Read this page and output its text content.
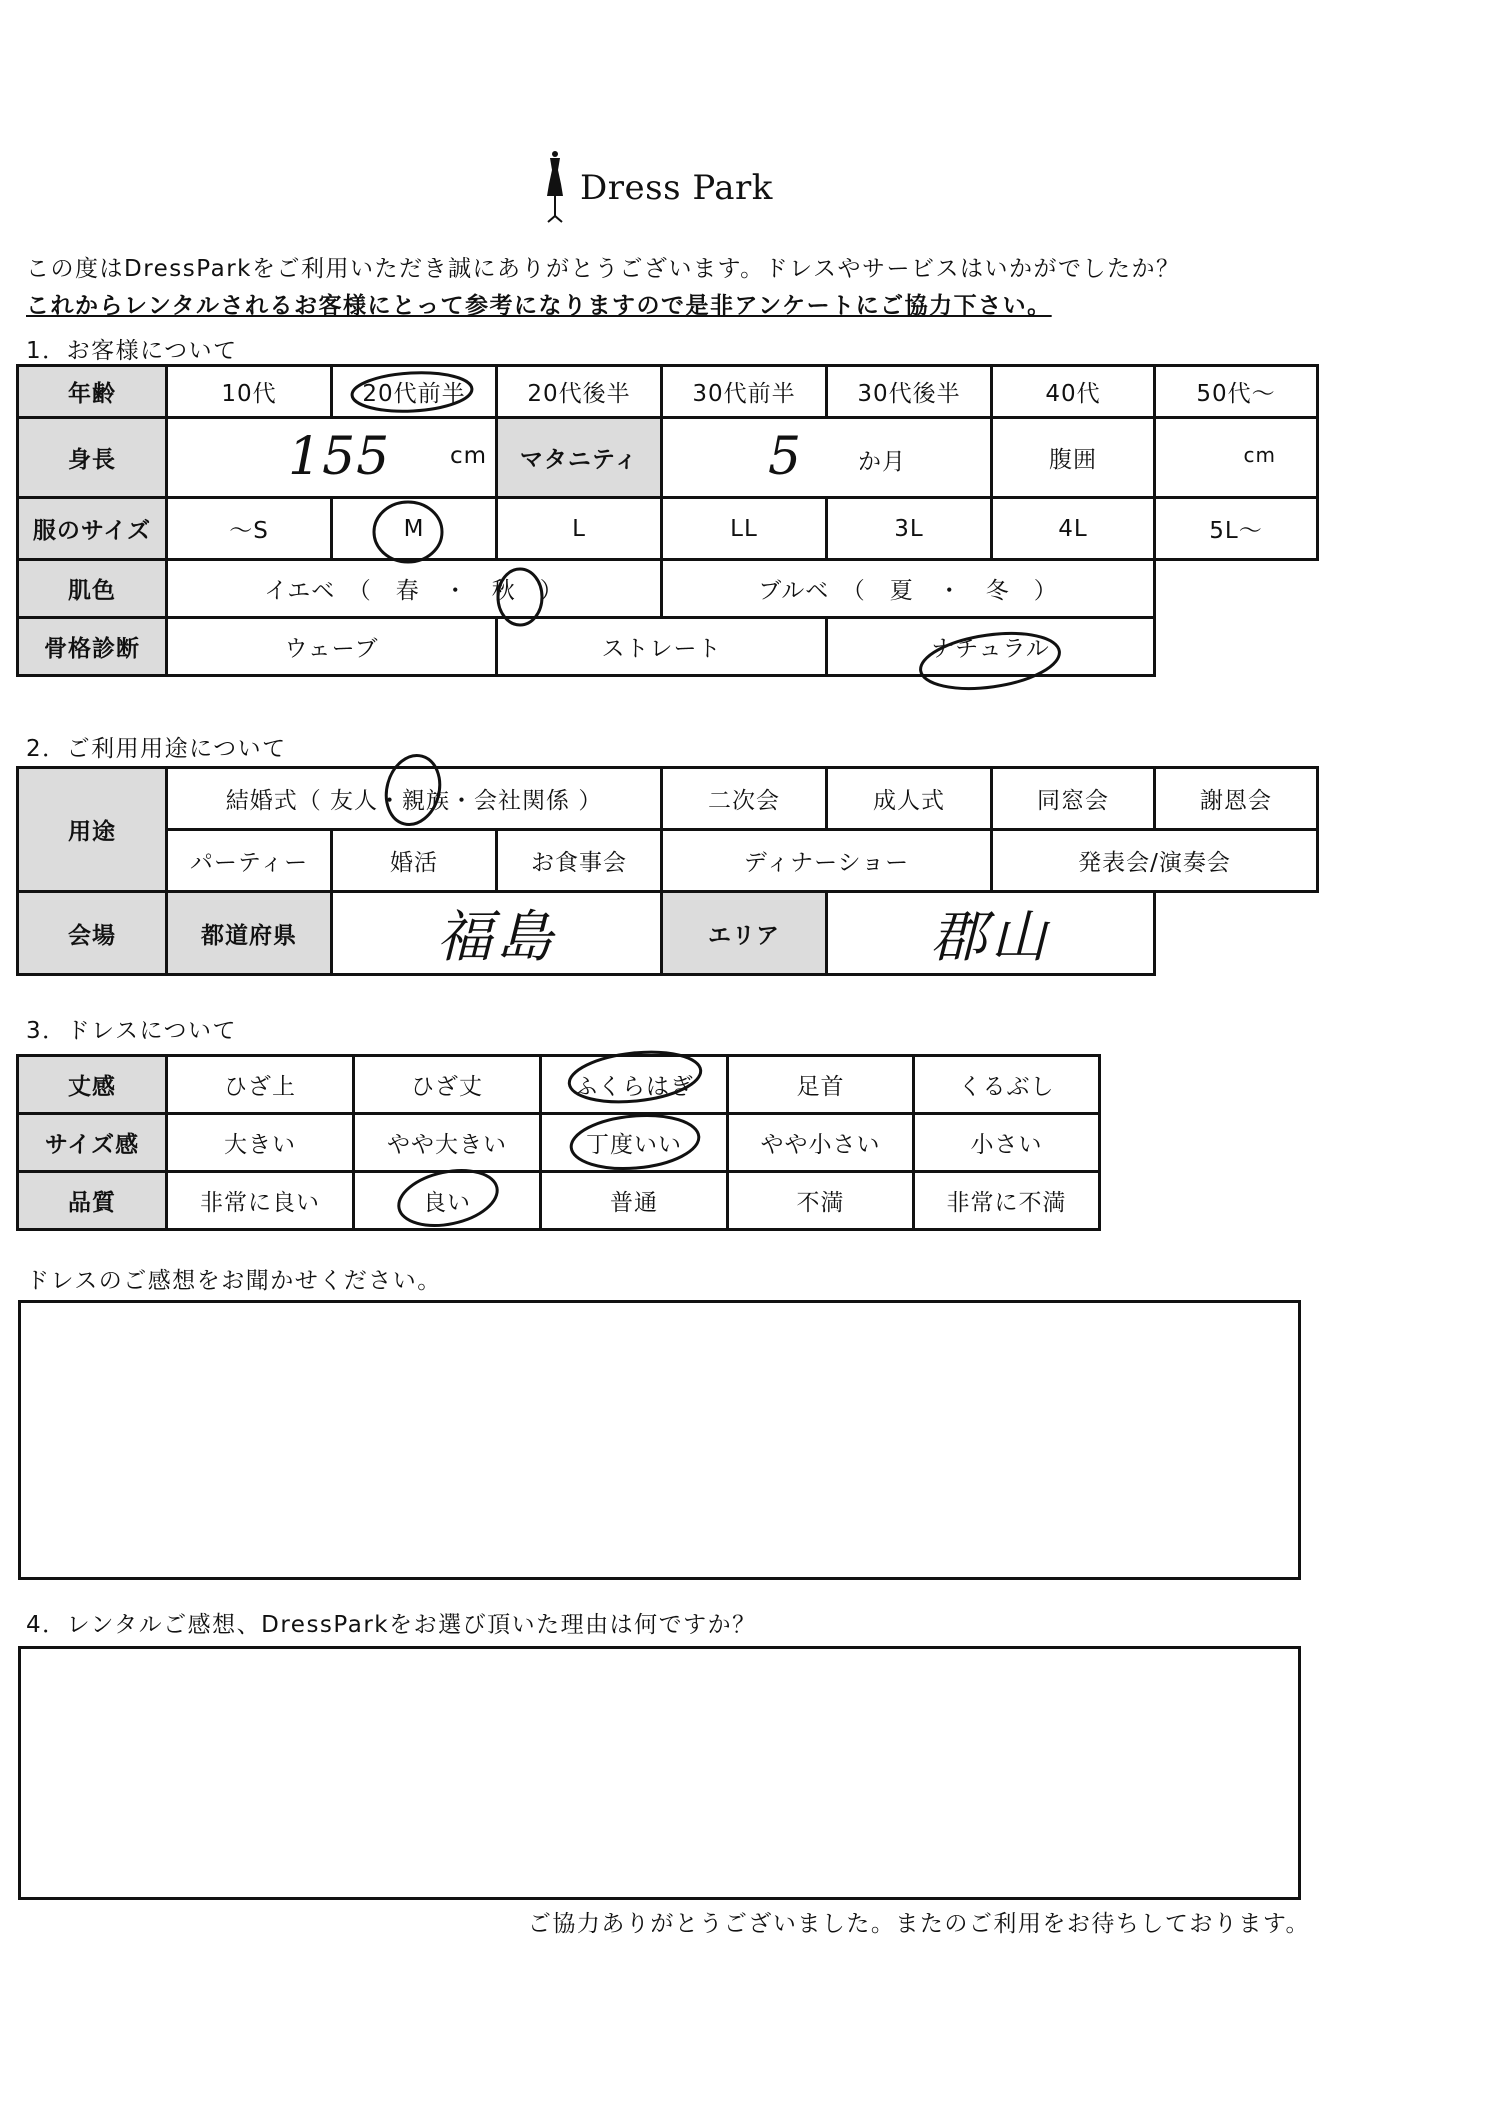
Dress Park
この度はDressParkをご利用いただき誠にありがとうございます。ドレスやサービスはいかがでしたか？
これからレンタルされるお客様にとって参考になりますので是非アンケートにご協力下さい。
1．お客様について
年齢	10代	20代前半	20代後半	30代前半	30代後半	40代	50代～
身長	155 cm		マタニティ	5 か月		腹囲	cm

服のサイズ	～S	M	L	LL	3L	4L	5L～
肌色	イエベ　（　春　・　秋　）			ブルベ　（　夏　・　冬　）			
骨格診断	ウェーブ		ストレート		ナチュラル		
2．ご利用用途について
用途	結婚式（ 友人・親族・会社関係 ）			二次会	成人式	同窓会	謝恩会
	パーティー	婚活	お食事会	ディナーショー		発表会/演奏会	
会場	都道府県	福島		エリア	郡山		
3．ドレスについて
丈感	ひざ上	ひざ丈	ふくらはぎ	足首	くるぶし
サイズ感	大きい	やや大きい	丁度いい	やや小さい	小さい
品質	非常に良い	良い	普通	不満	非常に不満
ドレスのご感想をお聞かせください。
4．レンタルご感想、DressParkをお選び頂いた理由は何ですか？
ご協力ありがとうございました。またのご利用をお待ちしております。
